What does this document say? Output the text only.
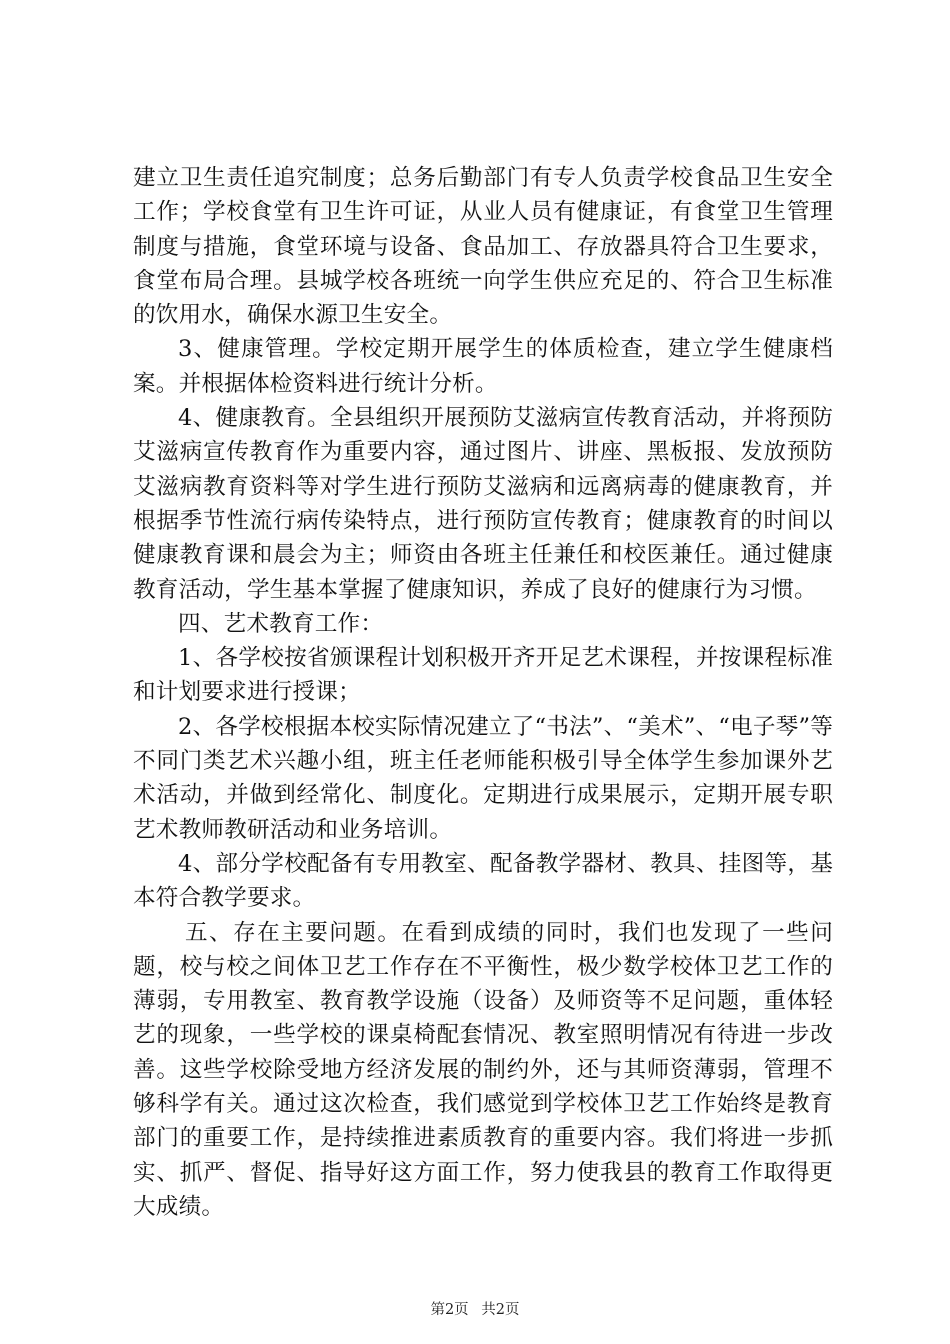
建立卫生责任追究制度；总务后勤部门有专人负责学校食品卫生安全工作；学校食堂有卫生许可证，从业人员有健康证，有食堂卫生管理制度与措施，食堂环境与设备、食品加工、存放器具符合卫生要求，食堂布局合理。县城学校各班统一向学生供应充足的、符合卫生标准的饮用水，确保水源卫生安全。

3、健康管理。学校定期开展学生的体质检查，建立学生健康档案。并根据体检资料进行统计分析。

4、健康教育。全县组织开展预防艾滋病宣传教育活动，并将预防艾滋病宣传教育作为重要内容，通过图片、讲座、黑板报、发放预防艾滋病教育资料等对学生进行预防艾滋病和远离病毒的健康教育，并根据季节性流行病传染特点，进行预防宣传教育；健康教育的时间以健康教育课和晨会为主；师资由各班主任兼任和校医兼任。通过健康教育活动，学生基本掌握了健康知识，养成了良好的健康行为习惯。

四、艺术教育工作：

1、各学校按省颁课程计划积极开齐开足艺术课程，并按课程标准和计划要求进行授课；

2、各学校根据本校实际情况建立了“书法”、“美术”、“电子琴”等不同门类艺术兴趣小组，班主任老师能积极引导全体学生参加课外艺术活动，并做到经常化、制度化。定期进行成果展示，定期开展专职艺术教师教研活动和业务培训。

4、部分学校配备有专用教室、配备教学器材、教具、挂图等，基本符合教学要求。

五、存在主要问题。在看到成绩的同时，我们也发现了一些问题，校与校之间体卫艺工作存在不平衡性，极少数学校体卫艺工作的薄弱，专用教室、教育教学设施（设备）及师资等不足问题，重体轻艺的现象，一些学校的课桌椅配套情况、教室照明情况有待进一步改善。这些学校除受地方经济发展的制约外，还与其师资薄弱，管理不够科学有关。通过这次检查，我们感觉到学校体卫艺工作始终是教育部门的重要工作，是持续推进素质教育的重要内容。我们将进一步抓实、抓严、督促、指导好这方面工作，努力使我县的教育工作取得更大成绩。

第2页 共2页
